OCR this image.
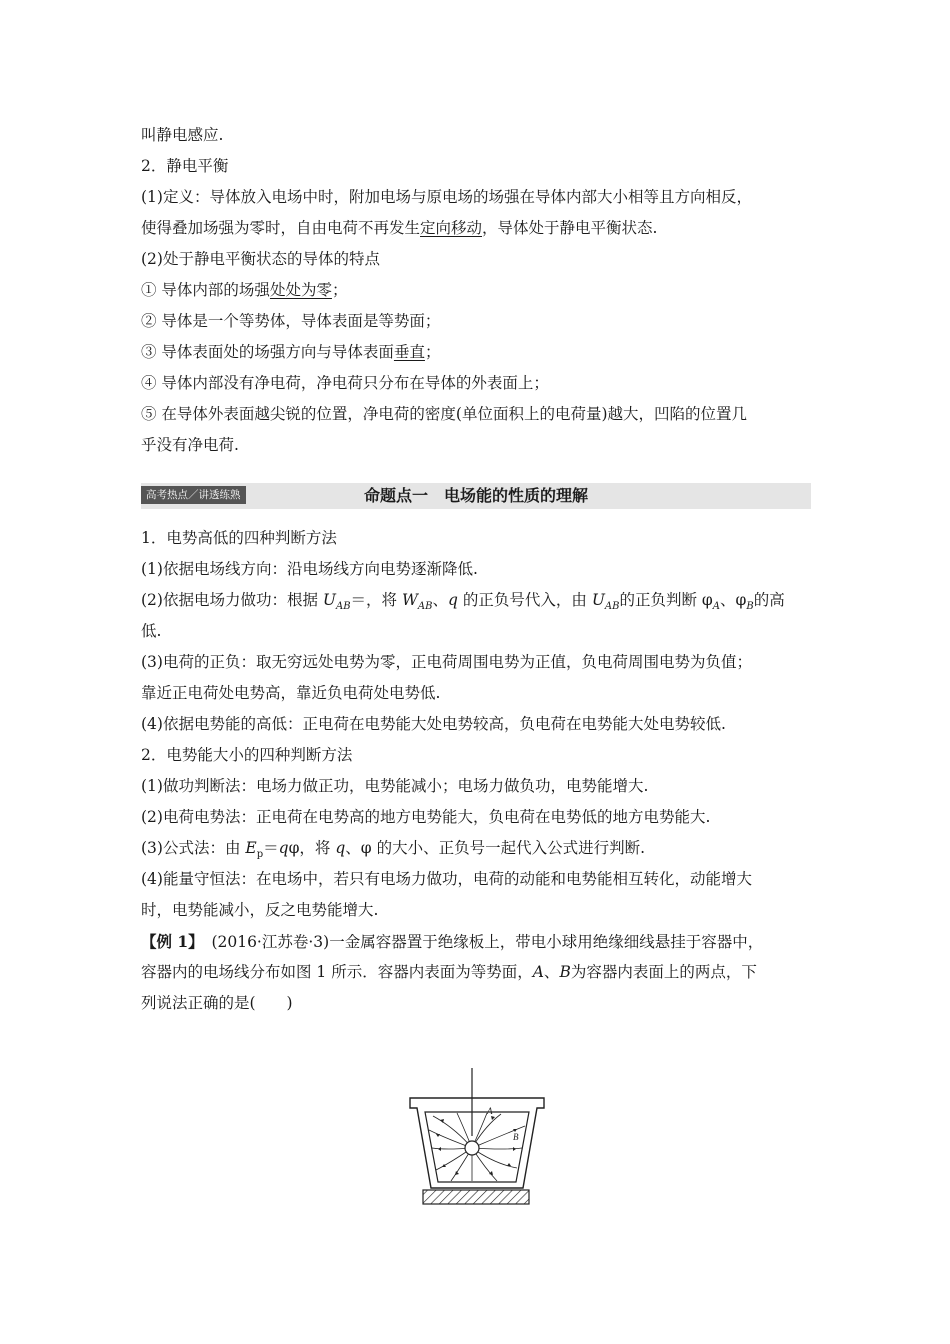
叫静电感应.
2．静电平衡
(1)定义：导体放入电场中时，附加电场与原电场的场强在导体内部大小相等且方向相反，
使得叠加场强为零时，自由电荷不再发生定向移动，导体处于静电平衡状态.
(2)处于静电平衡状态的导体的特点
① 导体内部的场强处处为零；
② 导体是一个等势体，导体表面是等势面；
③ 导体表面处的场强方向与导体表面垂直；
④ 导体内部没有净电荷，净电荷只分布在导体的外表面上；
⑤ 在导体外表面越尖锐的位置，净电荷的密度(单位面积上的电荷量)越大，凹陷的位置几
乎没有净电荷.
高考热点／讲透练熟	命题点一　电场能的性质的理解
1．电势高低的四种判断方法
(1)依据电场线方向：沿电场线方向电势逐渐降低.
(2)依据电场力做功：根据 $U_{AB}=$，将 $W_{AB}$、q 的正负号代入，由 $U_{AB}$的正负判断 $\varphi_A$、$\varphi_B$的高
低.
(3)电荷的正负：取无穷远处电势为零，正电荷周围电势为正值，负电荷周围电势为负值；
靠近正电荷处电势高，靠近负电荷处电势低.
(4)依据电势能的高低：正电荷在电势能大处电势较高，负电荷在电势能大处电势较低.
2．电势能大小的四种判断方法
(1)做功判断法：电场力做正功，电势能减小；电场力做负功，电势能增大.
(2)电荷电势法：正电荷在电势高的地方电势能大，负电荷在电势低的地方电势能大.
(3)公式法：由 $E_p=q\varphi$，将 q、φ 的大小、正负号一起代入公式进行判断.
(4)能量守恒法：在电场中，若只有电场力做功，电荷的动能和电势能相互转化，动能增大
时，电势能减小，反之电势能增大.
【例 1】　(2016·江苏卷·3)一金属容器置于绝缘板上，带电小球用绝缘细线悬挂于容器中，
容器内的电场线分布如图 1 所示．容器内表面为等势面，A、B为容器内表面上的两点，下
列说法正确的是(　　)
A
B
